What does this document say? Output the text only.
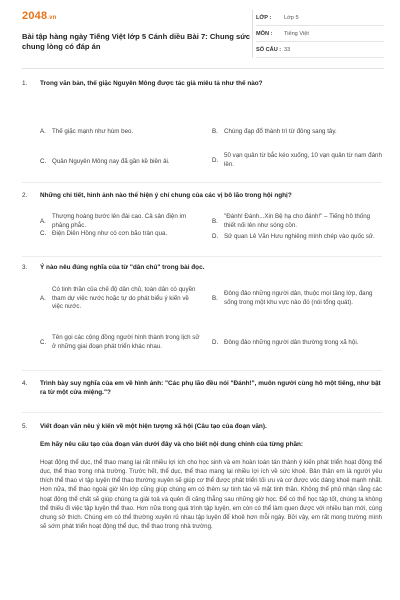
2048.vn
Bài tập hàng ngày Tiếng Việt lớp 5 Cánh diều Bài 7: Chung sức chung lòng có đáp án
LỚP :	Lớp 5
MÔN :	Tiếng Việt
SỐ CÂU : 33
1. Trong văn bản, thế giặc Nguyên Mông được tác giả miêu tả như thế nào?
A. Thế giặc mạnh như hùm beo.	B. Chúng đạp đổ thành trì từ đông sang tây.
C. Quân Nguyên Mông nay đã gần kề biên ải.	D.
50 vạn quân từ bắc kéo xuống, 10 vạn quân từ nam đánh lên.
2. Những chi tiết, hình ảnh nào thể hiện ý chí chung của các vị bô lão trong hội nghị?
A.
Thượng hoàng bước lên đài cao. Cả sân điện im phăng phắc.
B.
"Đánh! Đánh...Xin Bệ hạ cho đánh!" – Tiếng hô thống thiết nối lên như sóng cồn.
C. Điện Diên Hồng như có cơn bão tràn qua.	D. Sử quan Lê Văn Hưu nghiêng mình chép vào quốc sử.
3. Ý nào nêu đúng nghĩa của từ "dân chủ" trong bài đọc.
A.
Có tinh thần của chế độ dân chủ, toàn dân có quyền tham dự việc nước hoặc tự do phát biểu ý kiến về việc nước.
B.
Đông đảo những người dân, thuộc mọi tầng lớp, đang sống trong một khu vực nào đó (nói tổng quát).
C.
Tên gọi các cộng đồng người hình thành trong lịch sử ở những giai đoạn phát triển khác nhau.
D. Đông đảo những người dân thường trong xã hội.
4. Trình bày suy nghĩa của em về hình ảnh: "Các phụ lão đều nói "Đánh!", muôn người cùng hô một tiếng, như bật ra từ một cửa miệng."?
5. Viết đoạn văn nêu ý kiến về một hiện tượng xã hội (Câu tạo của đoạn văn).
Em hãy nêu cấu tạo của đoạn văn dưới đây và cho biết nội dung chính của từng phần:
Hoạt động thể dục, thể thao mang lại rất nhiều lợi ích cho học sinh và em hoàn toàn tán thành ý kiến phát triển hoạt động thể dục, thể thao trong nhà trường. Trước hết, thể dục, thể thao mang lại nhiều lợi ích về sức khoẻ. Bản thân em là người yêu thích thể thao vì tập luyện thể thao thường xuyên sẽ giúp cơ thể được phát triển tối ưu và cơ được vóc dáng khoẻ mạnh nhất. Hơn nữa, thể thao ngoài giờ lên lớp cũng giúp chúng em có thêm sự tinh táo về mặt tinh thần. Không thể phủ nhận rằng các hoạt động thể chất sẽ giúp chúng ta giải toả và quên đi căng thẳng sau những giờ học. Để có thể học tập tốt, chúng ta không thể thiếu đi việc tập luyện thể thao. Hơn nữa trong quá trình tập luyện, em còn có thể làm quen được với nhiều bạn mới, cùng chung sở thích. Chúng em có thể thường xuyên rủ nhau tập luyện để khoẻ hơn mỗi ngày. Bởi vậy, em rất mong trường mình sẽ sớm phát triển hoạt động thể dục, thể thao trong nhà trường.
